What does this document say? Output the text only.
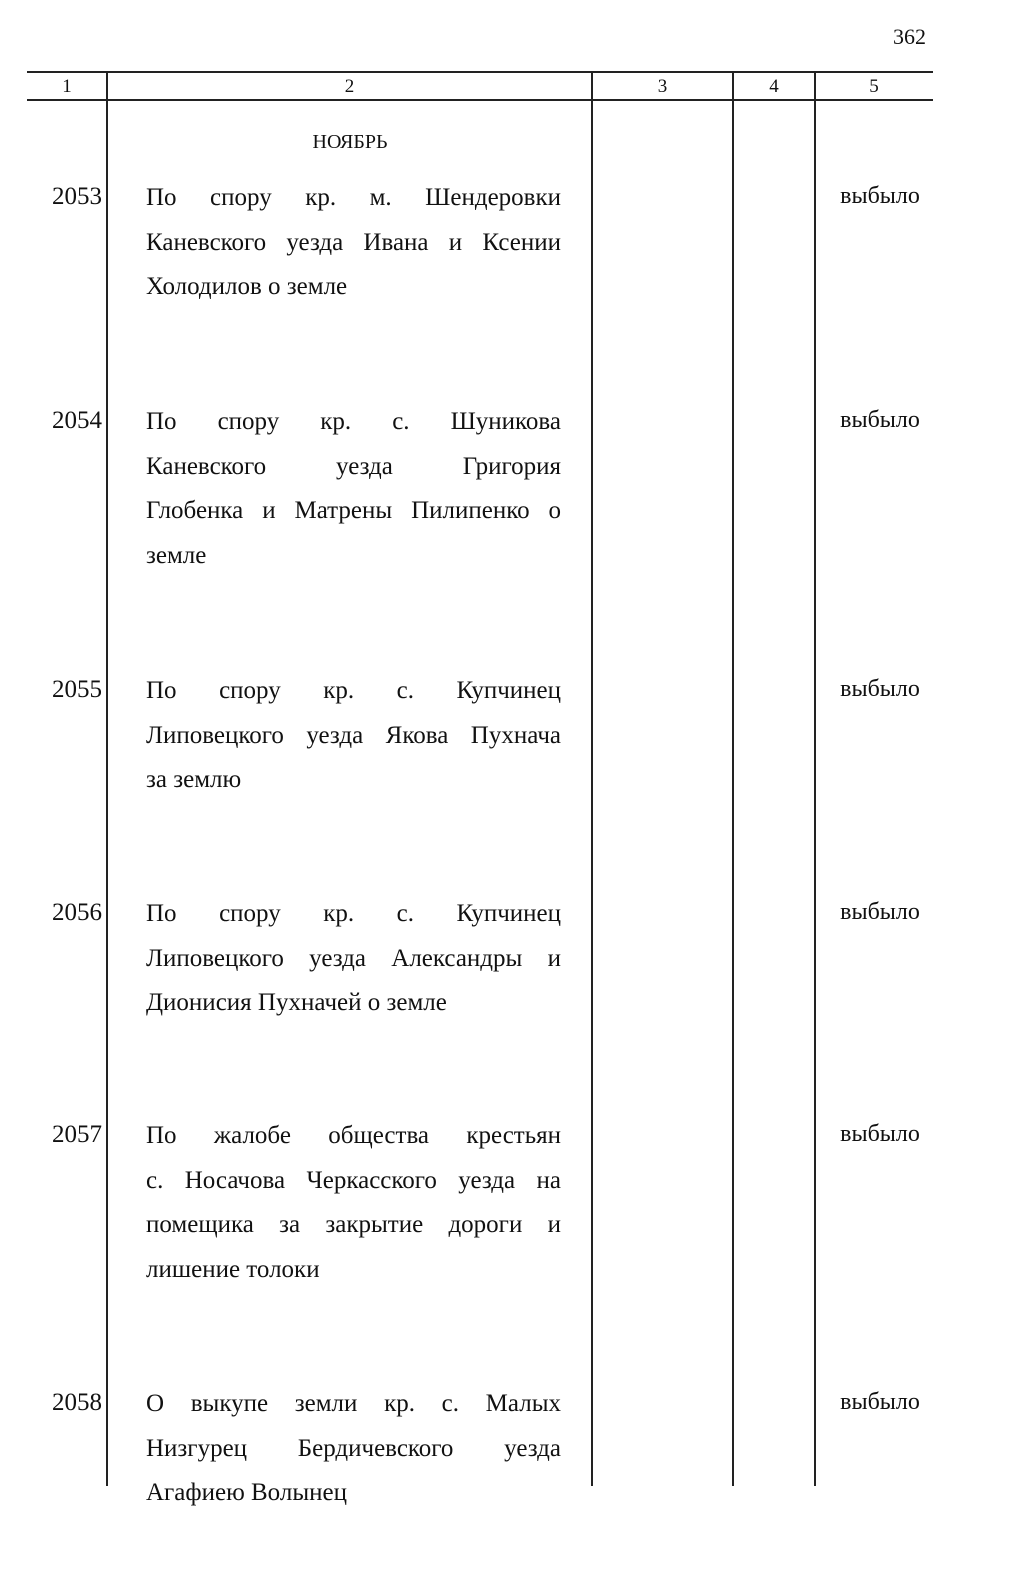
362
1	2	3	4	5
НОЯБРЬ
2053 По спору кр. м. Шендеровки
Каневского уезда Ивана и Ксении
Холодилов о земле
выбыло
2054 По спору кр. с. Шуникова
Каневского уезда Григория
Глобенка и Матрены Пилипенко о
земле
выбыло
2055 По спору кр. с. Купчинец
Липовецкого уезда Якова Пухнача
за землю
выбыло
2056 По спору кр. с. Купчинец
Липовецкого уезда Александры и
Дионисия Пухначей о земле
выбыло
2057 По жалобе общества крестьян
с. Носачова Черкасского уезда на
помещика за закрытие дороги и
лишение толоки
выбыло
2058 О выкупе земли кр. с. Малых
Низгурец Бердичевского уезда
Агафиею Волынец
выбыло
